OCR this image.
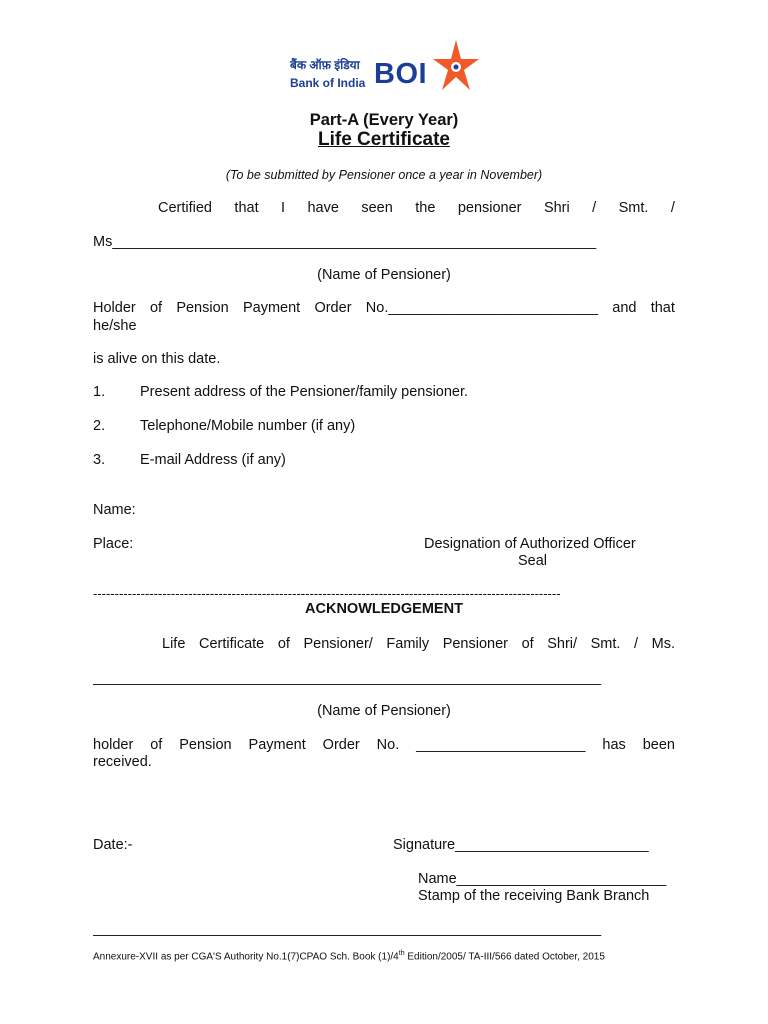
बैंक ऑफ़ इंडिया
Bank of India BOI
Part-A (Every Year)
Life Certificate
(To be submitted by Pensioner once a year in November)
Certified that I have seen the pensioner Shri / Smt. /
Ms____________________________________________________________
(Name of Pensioner)
Holder of Pension Payment Order No.__________________________ and that
he/she
is alive on this date.
1. Present address of the Pensioner/family pensioner.
2. Telephone/Mobile number (if any)
3. E-mail Address (if any)
Name:
Place:	Designation of Authorized Officer
Seal
------------------------------------------------------------------------------------------------------------
ACKNOWLEDGEMENT
Life Certificate of Pensioner/ Family Pensioner of Shri/ Smt. / Ms.
_______________________________________________________________
(Name of Pensioner)
holder of Pension Payment Order No. _____________________ has been
received.
Date:-	Signature________________________
Name__________________________
Stamp of the receiving Bank Branch
_______________________________________________________________
Annexure-XVII as per CGA'S Authority No.1(7)CPAO Sch. Book (1)/4th Edition/2005/ TA-III/566 dated October, 2015
